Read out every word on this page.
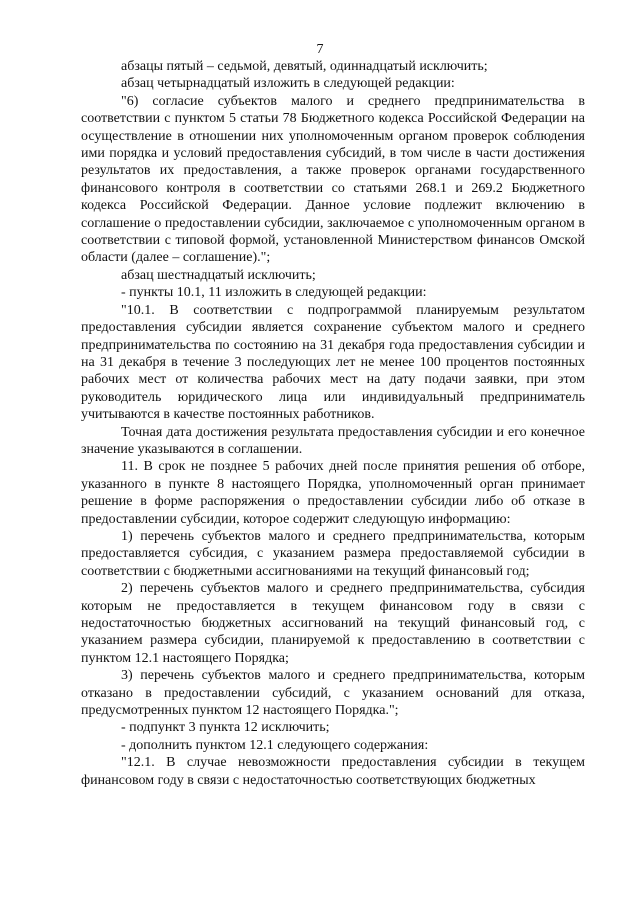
7

абзацы пятый – седьмой, девятый, одиннадцатый исключить;

абзац четырнадцатый изложить в следующей редакции:

"6) согласие субъектов малого и среднего предпринимательства в соответствии с пунктом 5 статьи 78 Бюджетного кодекса Российской Федерации на осуществление в отношении них уполномоченным органом проверок соблюдения ими порядка и условий предоставления субсидий, в том числе в части достижения результатов их предоставления, а также проверок органами государственного финансового контроля в соответствии со статьями 268.1 и 269.2 Бюджетного кодекса Российской Федерации. Данное условие подлежит включению в соглашение о предоставлении субсидии, заключаемое с уполномоченным органом в соответствии с типовой формой, установленной Министерством финансов Омской области (далее – соглашение).";

абзац шестнадцатый исключить;

- пункты 10.1, 11 изложить в следующей редакции:

"10.1. В соответствии с подпрограммой планируемым результатом предоставления субсидии является сохранение субъектом малого и среднего предпринимательства по состоянию на 31 декабря года предоставления субсидии и на 31 декабря в течение 3 последующих лет не менее 100 процентов постоянных рабочих мест от количества рабочих мест на дату подачи заявки, при этом руководитель юридического лица или индивидуальный предприниматель учитываются в качестве постоянных работников.

Точная дата достижения результата предоставления субсидии и его конечное значение указываются в соглашении.

11. В срок не позднее 5 рабочих дней после принятия решения об отборе, указанного в пункте 8 настоящего Порядка, уполномоченный орган принимает решение в форме распоряжения о предоставлении субсидии либо об отказе в предоставлении субсидии, которое содержит следующую информацию:

1) перечень субъектов малого и среднего предпринимательства, которым предоставляется субсидия, с указанием размера предоставляемой субсидии в соответствии с бюджетными ассигнованиями на текущий финансовый год;

2) перечень субъектов малого и среднего предпринимательства, субсидия которым не предоставляется в текущем финансовом году в связи с недостаточностью бюджетных ассигнований на текущий финансовый год, с указанием размера субсидии, планируемой к предоставлению в соответствии с пунктом 12.1 настоящего Порядка;

3) перечень субъектов малого и среднего предпринимательства, которым отказано в предоставлении субсидий, с указанием оснований для отказа, предусмотренных пунктом 12 настоящего Порядка.";

- подпункт 3 пункта 12 исключить;

- дополнить пунктом 12.1 следующего содержания:

"12.1. В случае невозможности предоставления субсидии в текущем финансовом году в связи с недостаточностью соответствующих бюджетных
